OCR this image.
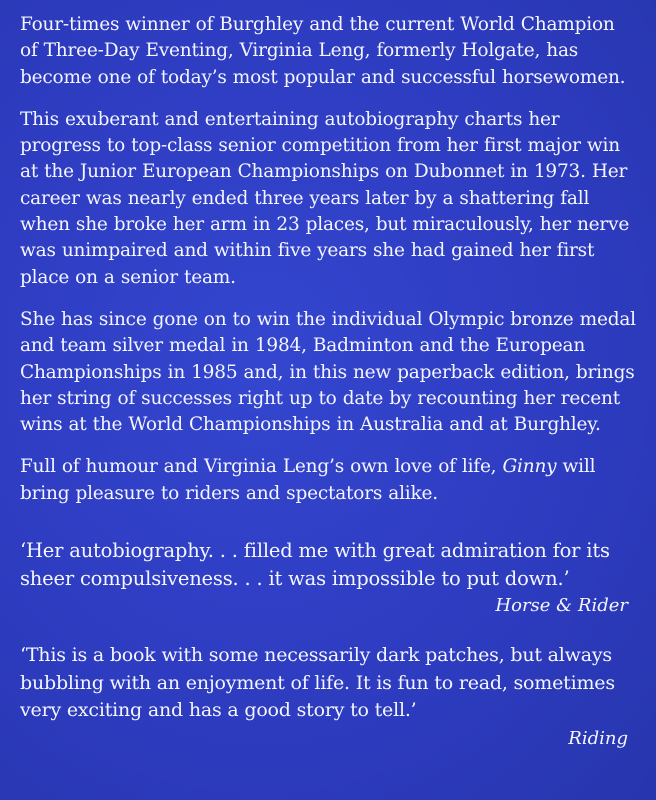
Four-times winner of Burghley and the current World Champion of Three-Day Eventing, Virginia Leng, formerly Holgate, has become one of today’s most popular and successful horsewomen.

This exuberant and entertaining autobiography charts her progress to top-class senior competition from her first major win at the Junior European Championships on Dubonnet in 1973. Her career was nearly ended three years later by a shattering fall when she broke her arm in 23 places, but miraculously, her nerve was unimpaired and within five years she had gained her first place on a senior team.

She has since gone on to win the individual Olympic bronze medal and team silver medal in 1984, Badminton and the European Championships in 1985 and, in this new paperback edition, brings her string of successes right up to date by recounting her recent wins at the World Championships in Australia and at Burghley.

Full of humour and Virginia Leng’s own love of life, Ginny will bring pleasure to riders and spectators alike.

‘Her autobiography. . . filled me with great admiration for its sheer compulsiveness. . . it was impossible to put down.’

Horse & Rider

‘This is a book with some necessarily dark patches, but always bubbling with an enjoyment of life. It is fun to read, sometimes very exciting and has a good story to tell.’

Riding
